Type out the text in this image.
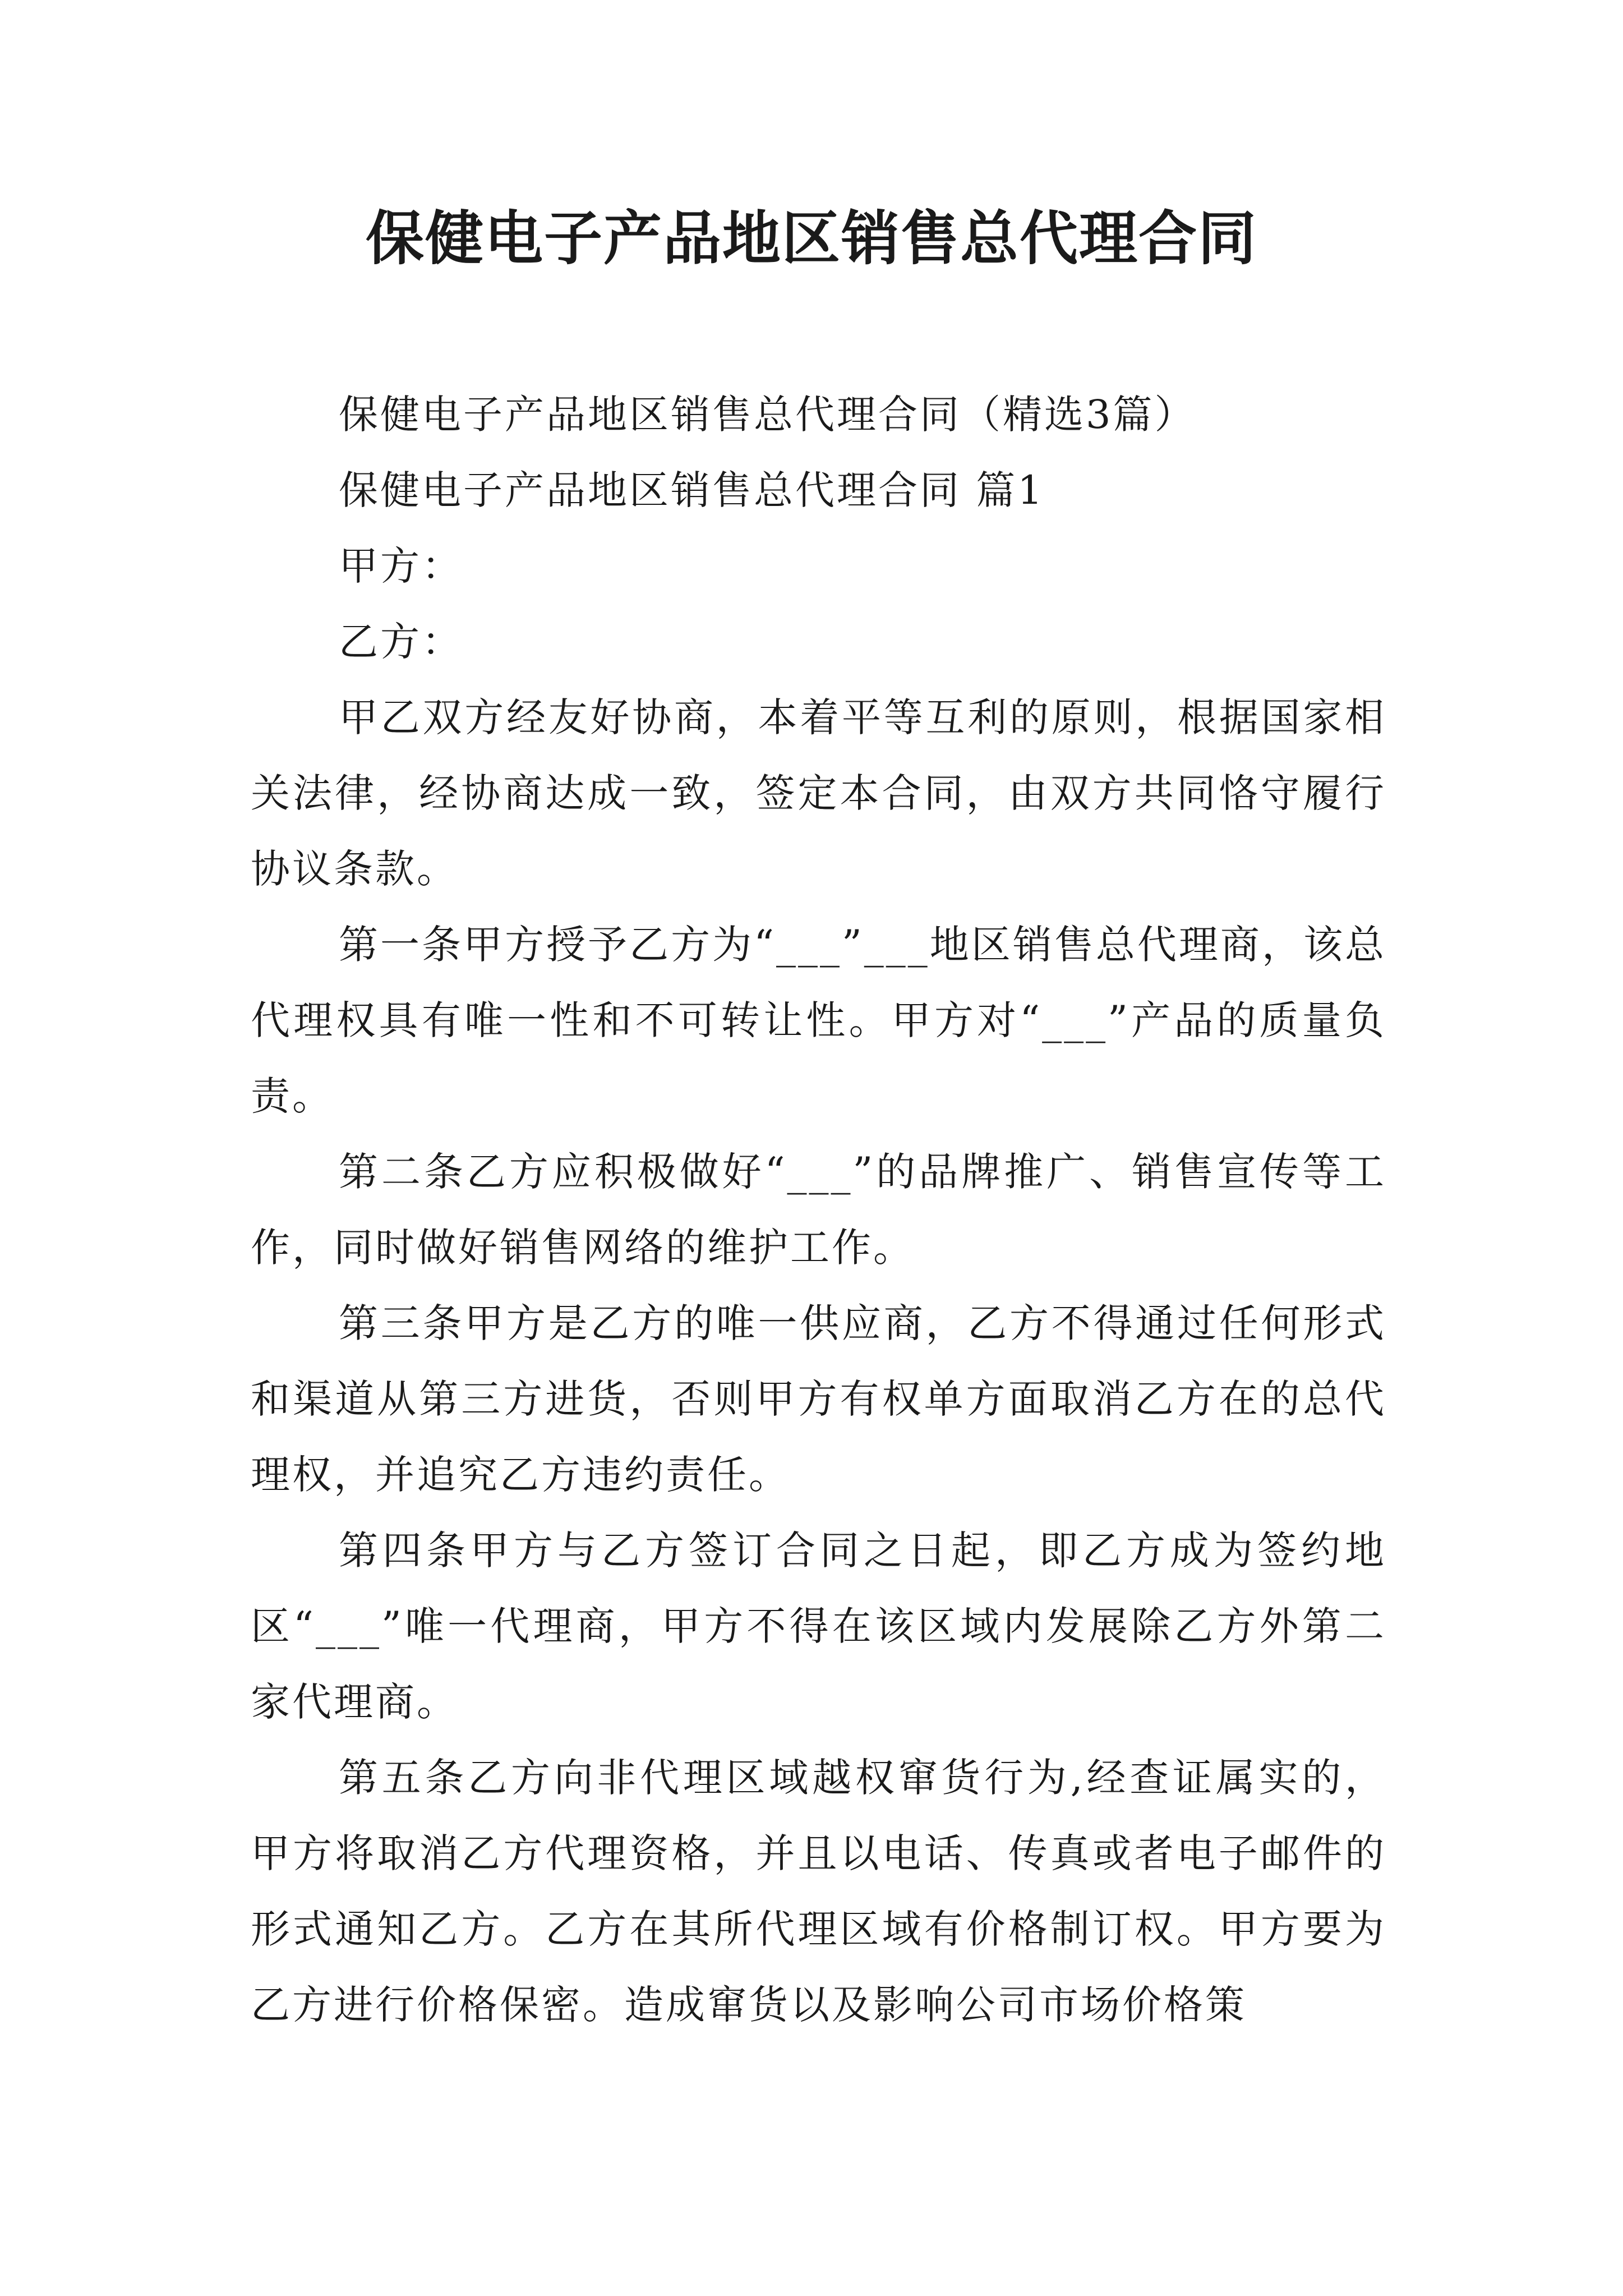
保健电子产品地区销售总代理合同

保健电子产品地区销售总代理合同（精选3篇）

保健电子产品地区销售总代理合同 篇1

甲方：

乙方：

甲乙双方经友好协商，本着平等互利的原则，根据国家相关法律，经协商达成一致，签定本合同，由双方共同恪守履行协议条款。

第一条甲方授予乙方为“___”___地区销售总代理商，该总代理权具有唯一性和不可转让性。甲方对“___”产品的质量负责。

第二条乙方应积极做好“___”的品牌推广、销售宣传等工作，同时做好销售网络的维护工作。

第三条甲方是乙方的唯一供应商，乙方不得通过任何形式和渠道从第三方进货，否则甲方有权单方面取消乙方在的总代理权，并追究乙方违约责任。

第四条甲方与乙方签订合同之日起，即乙方成为签约地区“___”唯一代理商，甲方不得在该区域内发展除乙方外第二家代理商。

第五条乙方向非代理区域越权窜货行为,经查证属实的，甲方将取消乙方代理资格，并且以电话、传真或者电子邮件的形式通知乙方。乙方在其所代理区域有价格制订权。甲方要为乙方进行价格保密。造成窜货以及影响公司市场价格策
